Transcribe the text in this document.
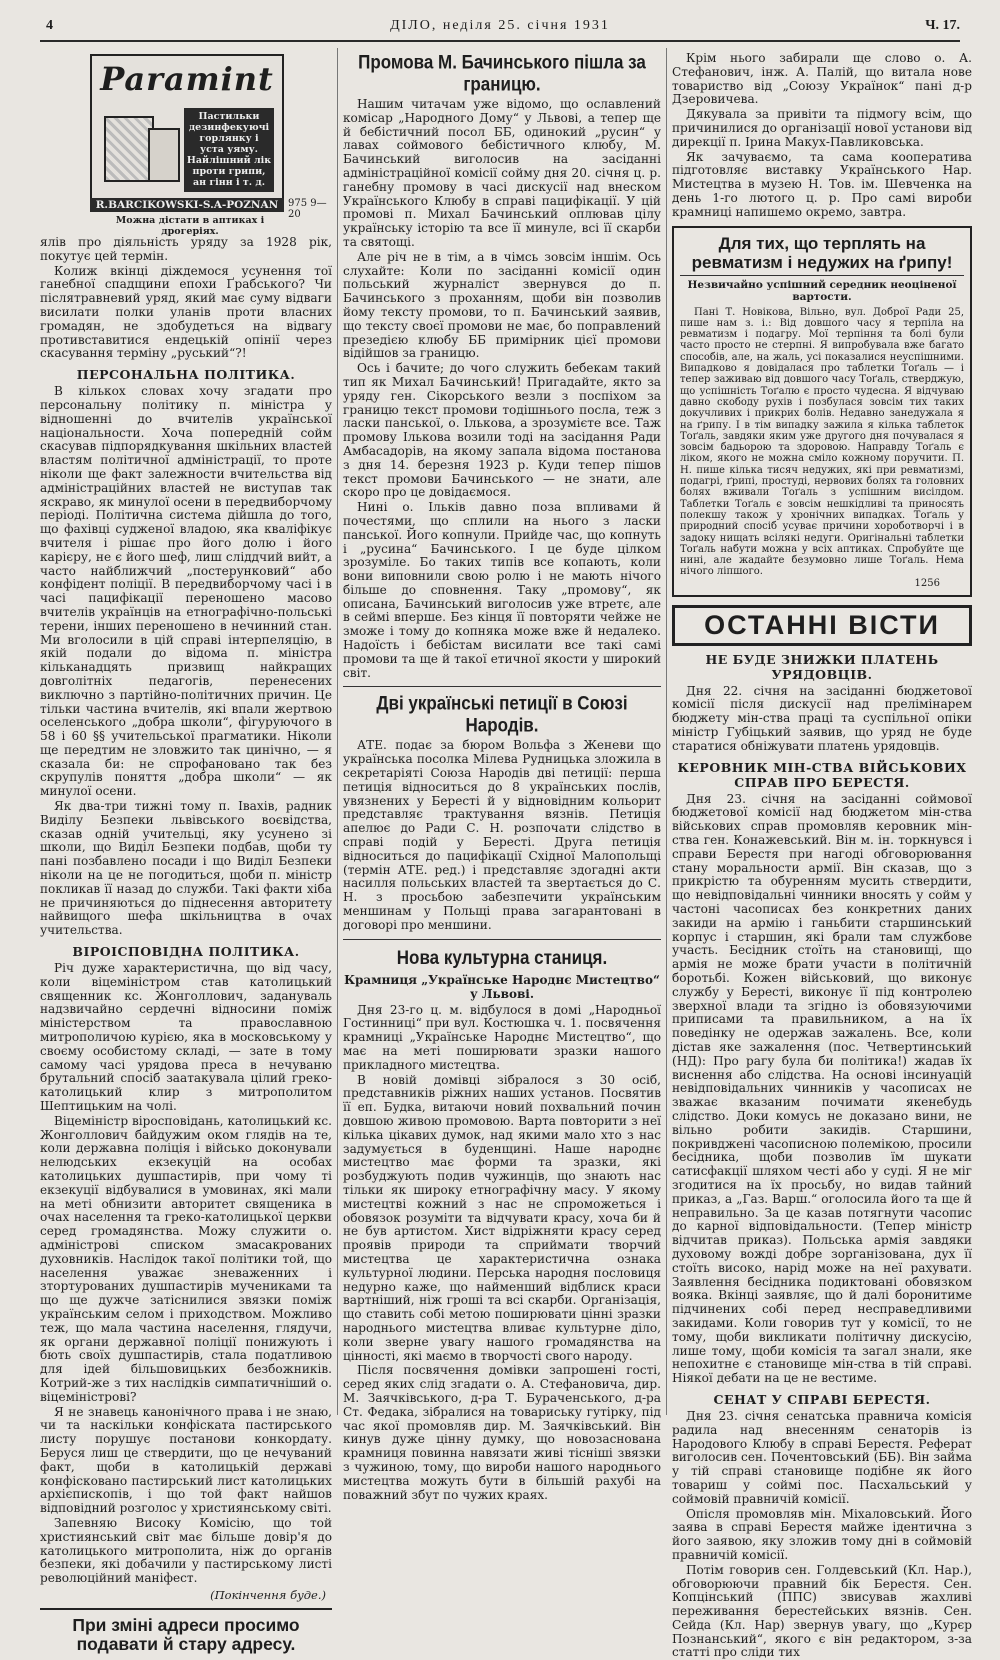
4	ДІЛО, неділя 25. січня 1931	Ч. 17.
Paramint
Пастильки дезинфекуючі горлянку і уста уяму. Найлішний лік проти грипи, ан гінн і т. д.
R.BARCIKOWSKI-S.A-POZNAN 975 9—20
Можна дістати в аптиках і дрогеріях.

ялів про діяльність уряду за 1928 рік, покутує цей термін.

Колиж вкінці діждемося усунення тої ганебної спадщини епохи Ґрабського? Чи післятравневий уряд, який має суму відваги висилати полки уланів проти власних громадян, не здобудеться на відвагу противставитися ендецькій опінії через скасування терміну „руський“?!

ПЕРСОНАЛЬНА ПОЛІТИКА.

В кількох словах хочу згадати про персональну політику п. міністра у відношенні до вчителів української національности. Хоча попередній сойм скасував підпорядкування шкільних властей властям політичної адміністрації, то проте ніколи ще факт залежности вчительства від адміністраційних властей не виступав так яскраво, як минулої осени в передвиборчому періоді. Політична система дійшла до того, що фахівці судженої владою, яка кваліфікує вчителя і рішає про його долю і його карієру, не є його шеф, лиш сліддчий вийт, а часто найближчий „постерунковий“ або конфідент поліції. В передвиборчому часі і в часі пацифікації переношено масово вчителів українців на етнографічно-польські терени, інших переношено в нечинний стан. Ми вголосили в цій справі інтерпеляцію, в якій подали до відома п. міністра кільканадцять призвищ найкращих довголітніх педагогів, перенесених виключно з партійно-політичних причин. Це тільки частина вчителів, які впали жертвою оселенського „добра школи“, фігуруючого в 58 і 60 §§ учительської прагматики. Ніколи ще передтим не зловжито так цинічно, — я сказала би: не спрофановано так без скрупулів поняття „добра школи“ — як минулої осени.

Як два-три тижні тому п. Івахів, радник Виділу Безпеки львівського воєвідства, сказав одній учительці, яку усунено зі школи, що Виділ Безпеки подбав, щоби ту пані позбавлено посади і що Виділ Безпеки ніколи на це не погодиться, щоби п. міністр покликав її назад до служби. Такі факти хіба не причиняються до піднесення авторитету найвищого шефа шкільництва в очах учительства.

ВІРОІСПОВІДНА ПОЛІТИКА.

Річ дуже характеристична, що від часу, коли віцеміністром став католицький священник кс. Жонголлович, задануваль надзвичайно сердечні відносини поміж міністерством та православною митрополичою курією, яка в московському у своєму особистому складі, — зате в тому самому часі урядова преса в нечуваню брутальний спосіб заатакувала цілий греко-католицький клир з митрополитом Шептицьким на чолі.

Віцеміністр віросповідань, католицький кс. Жонголлович байдужим оком глядів на те, коли державна поліція і військо доконували нелюдських екзекуцій на особах католицьких душпастирів, при чому ті екзекуції відбувалися в умовинах, які мали на меті обнизити авторитет священика в очах населення та греко-католицької церкви серед громадянства. Можу служити о. адміністрові списком змасакрованих духовників. Наслідок такої політики той, що населення уважає зневаженних і зтортурованих душпастирів мучениками та що ще дужче затіснилися звязки поміж українським селом і приходством. Можливо теж, що мала частина населення, глядучи, як органи державної поліції понижують і бють своїх душпастирів, стала податливою для ідей більшовицьких безбожників. Котрий-же з тих наслідків симпатичніший о. віцеміністрові?

Я не знавець канонічного права і не знаю, чи та наскільки конфіската пастирського листу порушує постанови конкордату. Беруся лиш це ствердити, що це нечуваний факт, щоби в католицькій державі конфісковано пастирський лист католицьких архієпископів, і що той факт найшов відповідний розголос у християнському світі.

Запевняю Високу Комісію, що той християнський світ має більше довір'я до католицького митрополита, ніж до органів безпеки, які добачили у пастирському листі революційний маніфест.

(Покінчення буде.)
При зміні адреси просимо подавати й стару адресу.
Промова М. Бачинського пішла за границю.

Нашим читачам уже відомо, що ославлений комісар „Народного Дому“ у Львові, а тепер ще й бебістичний посол ББ, одинокий „русин“ у лавах соймового бебістичного клюбу, М. Бачинський виголосив на засіданні адміністраційної комісії сойму дня 20. січня ц. р. ганебну промову в часі дискусії над внеском Українського Клюбу в справі пацифікації. У цій промові п. Михал Бачинський оплював цілу українську історію та все її минуле, всі її скарби та святощі.

Але річ не в тім, а в чімсь зовсім іншім. Ось слухайте: Коли по засіданні комісії один польський журналіст звернувся до п. Бачинського з проханням, щоби він позволив йому тексту промови, то п. Бачинський заявив, що тексту своєї промови не має, бо поправлений презедією клюбу ББ примірник цієї промови відійшов за границю.

Ось і бачите; до чого служить бебекам такий тип як Михал Бачинський! Пригадайте, якто за уряду ген. Сікорського везли з поспіхом за границю текст промови тодішнього посла, теж з ласки панської, о. Ількова, а зрозумієте все. Таж промову Ількова возили тоді на засідання Ради Амбасадорів, на якому запала відома постанова з дня 14. березня 1923 р. Куди тепер пішов текст промови Бачинського — не знати, але скоро про це довідаємося.

Нині о. Ільків давно поза впливами й почестями, що сплили на нього з ласки панської. Його копнули. Прийде час, що копнуть і „русина“ Бачинського. І це буде цілком зрозуміле. Бо таких типів все копають, коли вони виповнили свою ролю і не мають нічого більше до сповнення. Таку „промову“, як описана, Бачинський виголосив уже втретє, але в сеймі вперше. Без кінця її повторяти чейже не зможе і тому до копняка може вже й недалеко. Надоїсть і бебістам висилати все такі самі промови та ще й такої етичної якости у широкий світ.

Дві українські петиції в Союзі Народів.

АТЕ. подає за бюром Вольфа з Женеви що українська посолка Мілева Рудницька зложила в секретаріяті Союза Народів дві петиції: перша петиція відноситься до 8 українських послів, увязнених у Бересті й у відновідним кольорит представляє трактування вязнів. Петиція апелює до Ради С. Н. розпочати слідство в справі подій у Бересті. Друга петиція відноситься до пацифікації Східної Малопольщі (термін АТЕ. ред.) і представляє здогадні акти насилля польських властей та звертається до С. Н. з просьбою забезпечити українським меншинам у Польщі права загарантовані в договорі про меншини.

Нова культурна станиця.
Крамниця „Українське Народнє Мистецтво“ у Львові.

Дня 23-го ц. м. відбулося в домі „Народньої Гостинниці“ при вул. Костюшка ч. 1. посвячення крамниці „Українське Народнє Мистецтво“, що має на меті поширювати зразки нашого прикладного мистецтва.

В новій домівці зібралося з 30 осіб, представників ріжних наших установ. Посвятив її еп. Будка, витаючи новий похвальний почин довшою живою промовою. Варта повторити з неї кілька цікавих думок, над якими мало хто з нас задумується в буденщині. Наше народнє мистецтво має форми та зразки, які розбуджують подив чужинців, що знають нас тільки як широку етнографічну масу. У якому мистецтві кожний з нас не спроможеться і обовязок розуміти та відчувати красу, хоча би й не був артистом. Хист відріжняти красу серед проявів природи та сприймати творчий мистецтва це характеристична ознака культурної людини. Перська народня пословиця недурно каже, що найменший відблиск краси вартніший, ніж гроші та всі скарби. Організація, що ставить собі метою поширювати цінні зразки народнього мистецтва вливає культурне діло, коли зверне увагу нашого громадянства на цінності, які маємо в творчості свого народу.

Після посвячення домівки запрошені гості, серед яких слід згадати о. А. Стефановича, дир. М. Заячківського, д-ра Т. Бураченського, д-ра Ст. Федака, зібралися на товариську гутірку, під час якої промовляв дир. М. Заячківський. Він кинув дуже цінну думку, що новозаснована крамниця повинна навязати живі тісніші звязки з чужиною, тому, що вироби нашого народнього мистецтва можуть бути в більшій рахубі на поважний збут по чужих краях.

Крім нього забирали ще слово о. А. Стефанович, інж. А. Палій, що витала нове товариство від „Союзу Українок“ пані д-р Дзеровичева.

Дякувала за привіти та підмогу всім, що причинилися до організації нової установи від дирекції п. Ірина Макух-Павликовська.

Як зачуваємо, та сама кооператива підготовляє виставку Українського Нар. Мистецтва в музею Н. Тов. ім. Шевченка на день 1-го лютого ц. р. Про самі вироби крамниці напишемо окремо, завтра.

Для тих, що терплять на ревматизм і недужих на ґрипу!
Незвичайно успішний середник неоціненої вартости.

Пані Т. Новікова, Вільно, вул. Доброї Ради 25, пише нам з. і.: Від довшого часу я терпіла на ревматизм і подагру. Мої терпіння та болі були часто просто не стерпні. Я випробувала вже багато способів, але, на жаль, усі показалися неуспішними. Випадково я довідалася про таблетки Тоґаль — і тепер заживаю від довшого часу Тоґаль, стверджую, що успішність Тоґалю є просто чудесна. Я відчуваю давно скободу рухів і позбулася зовсім тих таких докучливих і прикрих болів. Недавно занедужала я на ґрипу. І в тім випадку зажила я кілька таблеток Тоґаль, завдяки яким уже другого дня почувалася я зовсім бадьорою та здоровою. Направду Тоґаль є ліком, якого не можна сміло кожному поручити. П. Н. пише кілька тисяч недужих, які при ревматизмі, подагрі, ґрипі, простуді, нервових болях та головних болях вживали Тоґаль з успішним висілдом. Таблетки Тоґаль є зовсім нешкідливі та приносять полекшу також у хронічних випадках. Тоґаль у природний спосіб усуває причини хороботворчі і в задоку нищать всілякі недуги. Оригінальні таблетки Тоґаль набути можна у всіх аптиках. Спробуйте ще нині, але жадайте безумовно лише Тоґаль. Нема нічого ліпшого.

1256
ОСТАННІ ВІСТИ
НЕ БУДЕ ЗНИЖКИ ПЛАТЕНЬ УРЯДОВЦІВ.

Дня 22. січня на засіданні бюджетової комісії після дискусії над прелімінарем бюджету мін-ства праці та суспільної опіки міністр Губіцький заявив, що уряд не буде старатися обніжувати платень урядовців.

КЕРОВНИК МІН-СТВА ВІЙСЬКОВИХ СПРАВ ПРО БЕРЕСТЯ.

Дня 23. січня на засіданні соймової бюджетової комісії над бюджетом мін-ства військових справ промовляв керовник мін-ства ген. Конажевський. Він м. ін. торкнувся і справи Берестя при нагоді обговорювання стану моральности армії. Він сказав, що з прикрістю та обуренням мусить ствердити, що невідповідальні чинники вносять у сойм у частоні часописах без конкретних даних закиди на армію і ганьбити старшинський корпус і старшин, які брали там службове участь. Бесідник стоїть на становищі, що армія не може брати участи в політичній боротьбі. Кожен військовий, що виконує службу у Бересті, виконує її під контролею зверхної влади та згідно із обовязуючими приписами та правильником, а на їх поведінку не одержав зажалень. Все, коли дістав яке зажалення (пос. Четвертинський (НД): Про рагу була би політика!) жадав їх виснення або слідства. На основі інсинуацій невідповідальних чинників у часописах не зважає вказаним почимати якенебудь слідство. Доки комусь не доказано вини, не вільно робити закидів. Старшини, покривджені часописною полемікою, просили бесідника, щоби позволив їм шукати сатисфакції шляхом честі або у суді. Я не міг згодитися на їх просьбу, но видав тайний приказ, а „Газ. Варш.“ оголосила його та ще й неправильно. За це казав потягнути часопис до карної відповідальности. (Тепер міністр відчитав приказ). Польська армія завдяки духовому вожді добре зорганізована, дух її стоїть високо, нарід може на неї рахувати. Заявлення бесідника подиктовані обовязком вояка. Вкінці заявляє, що й далі боронитиме підчинених собі перед несправедливими закидами. Коли говорив тут у комісії, то не тому, щоби викликати політичну дискусію, лише тому, щоби комісія та загал знали, яке непохитне є становище мін-ства в тій справі. Ніякої дебати на це не вестиме.

СЕНАТ У СПРАВІ БЕРЕСТЯ.

Дня 23. січня сенатська правнича комісія радила над внесенням сенаторів із Народового Клюбу в справі Берестя. Реферат виголосив сен. Почентовський (ББ). Він займа у тій справі становище подібне як його товариш у соймі пос. Пасхальський у соймовій правничій комісії.

Опісля промовляв мін. Міхаловський. Його заява в справі Берестя майже ідентична з його заявою, яку зложив тому дні в соймовій правничій комісії.

Потім говорив сен. Голдевський (Кл. Нар.), обговорюючи правний бік Берестя. Сен. Копцінський (ППС) звисував жахливі переживання берестейських вязнів. Сен. Сейда (Кл. Нар) звернув увагу, що „Курєр Познанський“, якого є він редактором, з-за статті про сліди тих
